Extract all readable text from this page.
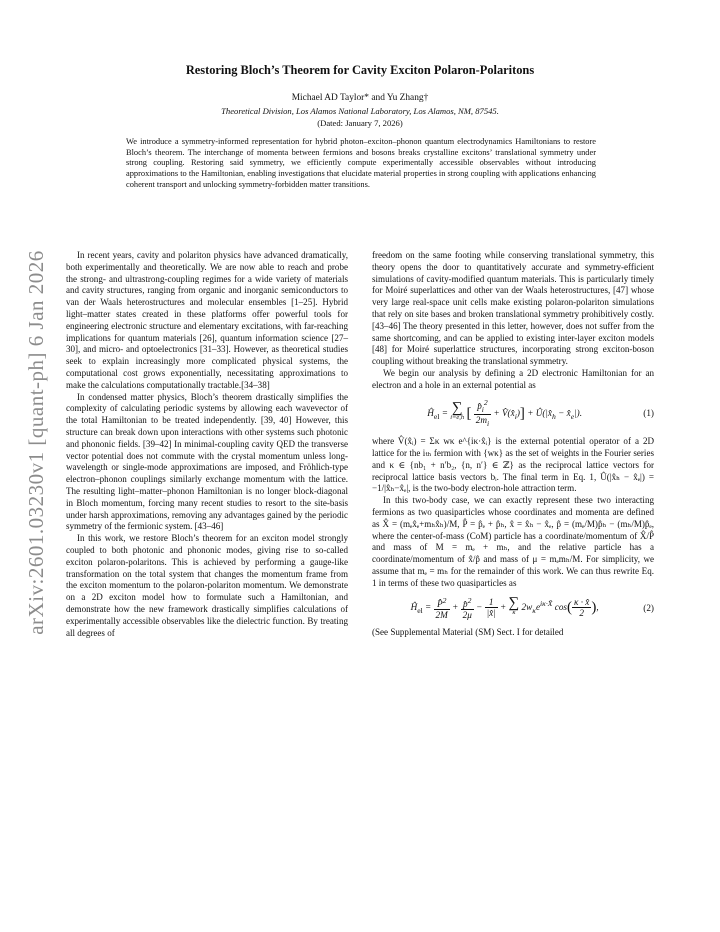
arXiv:2601.03230v1 [quant-ph] 6 Jan 2026
Restoring Bloch’s Theorem for Cavity Exciton Polaron-Polaritons
Michael AD Taylor* and Yu Zhang†
Theoretical Division, Los Alamos National Laboratory, Los Alamos, NM, 87545.
(Dated: January 7, 2026)

We introduce a symmetry-informed representation for hybrid photon–exciton–phonon quantum electrodynamics Hamiltonians to restore Bloch’s theorem. The interchange of momenta between fermions and bosons breaks crystalline excitons’ translational symmetry under strong coupling. Restoring said symmetry, we efficiently compute experimentally accessible observables without introducing approximations to the Hamiltonian, enabling investigations that elucidate material properties in strong coupling with applications enhancing coherent transport and unlocking symmetry-forbidden matter transitions.

In recent years, cavity and polariton physics have advanced dramatically, both experimentally and theoretically. We are now able to reach and probe the strong- and ultrastrong-coupling regimes for a wide variety of materials and cavity structures, ranging from organic and inorganic semiconductors to van der Waals heterostructures and molecular ensembles [1–25]. Hybrid light–matter states created in these platforms offer powerful tools for engineering electronic structure and elementary excitations, with far-reaching implications for quantum materials [26], quantum information science [27–30], and micro- and optoelectronics [31–33]. However, as theoretical studies seek to explain increasingly more complicated physical systems, the computational cost grows exponentially, necessitating approximations to make the calculations computationally tractable.[34–38]

In condensed matter physics, Bloch’s theorem drastically simplifies the complexity of calculating periodic systems by allowing each wavevector of the total Hamiltonian to be treated independently. [39, 40] However, this structure can break down upon interactions with other systems such photonic and phononic fields. [39–42] In minimal-coupling cavity QED the transverse vector potential does not commute with the crystal momentum unless long-wavelength or single-mode approximations are imposed, and Fröhlich-type electron–phonon couplings similarly exchange momentum with the lattice. The resulting light–matter–phonon Hamiltonian is no longer block-diagonal in Bloch momentum, forcing many recent studies to resort to the site-basis under harsh approximations, removing any advantages gained by the periodic symmetry of the fermionic system. [43–46]

In this work, we restore Bloch’s theorem for an exciton model strongly coupled to both photonic and phononic modes, giving rise to so-called exciton polaron-polaritons. This is achieved by performing a gauge-like transformation on the total system that changes the momentum frame from the exciton momentum to the polaron-polariton momentum. We demonstrate on a 2D exciton model how to formulate such a Hamiltonian, and demonstrate how the new framework drastically simplifies calculations of experimentally accessible observables like the dielectric function. By treating all degrees of

freedom on the same footing while conserving translational symmetry, this theory opens the door to quantitatively accurate and symmetry-efficient simulations of cavity-modified quantum materials. This is particularly timely for Moiré superlattices and other van der Waals heterostructures, [47] whose very large real-space unit cells make existing polaron-polariton simulations that rely on site bases and broken translational symmetry prohibitively costly. [43–46] The theory presented in this letter, however, does not suffer from the same shortcoming, and can be applied to existing inter-layer exciton models [48] for Moiré superlattice structures, incorporating strong exciton-boson coupling without breaking the translational symmetry.

We begin our analysis by defining a 2D electronic Hamiltonian for an electron and a hole in an external potential as

$Ĥ_{el}$ = ∑
i=e,h [ $\frac{p̂_i^2}{2m_i}$ + $V̂(x̂_i)$] + $Û(|x̂_h$ − $x̂_e|$).	(1)

where V̂(x̂ᵢ) = Σκ wκ e^{iκ·x̂ᵢ} is the external potential operator of a 2D lattice for the iₜₕ fermion with {wκ} as the set of weights in the Fourier series and κ ∈ {nb₁ + n′b₂, {n, n′} ∈ ℤ} as the reciprocal lattice vectors for reciprocal lattice basis vectors bᵢ. The final term in Eq. 1, Û(|x̂ₕ − x̂ₑ|) = −1/|x̂ₕ−x̂ₑ|, is the two-body electron-hole attraction term.

In this two-body case, we can exactly represent these two interacting fermions as two quasiparticles whose coordinates and momenta are defined as X̂ = (mₑx̂ₑ+mₕx̂ₕ)/M, P̂ = p̂ₑ + p̂ₕ, x̂ = x̂ₕ − x̂ₑ, p̂ = (mₑ/M)p̂ₕ − (mₕ/M)p̂ₑ, where the center-of-mass (CoM) particle has a coordinate/momentum of X̂/P̂ and mass of M = mₑ + mₕ, and the relative particle has a coordinate/momentum of x̂/p̂ and mass of μ = mₑmₕ/M. For simplicity, we assume that mₑ = mₕ for the remainder of this work. We can thus rewrite Eq. 1 in terms of these two quasiparticles as

$Ĥ_{el} = \frac{P̂^2}{2M} + \frac{p̂^2}{2\mu} - \frac{1}{|x̂|}$ + ∑
κ
$2w_\kappa e^{i\kappa\cdot X̂}$ $\cos( \frac{\kappa \cdot x̂}{2}$ ),	(2)

(See Supplemental Material (SM) Sect. I for detailed
